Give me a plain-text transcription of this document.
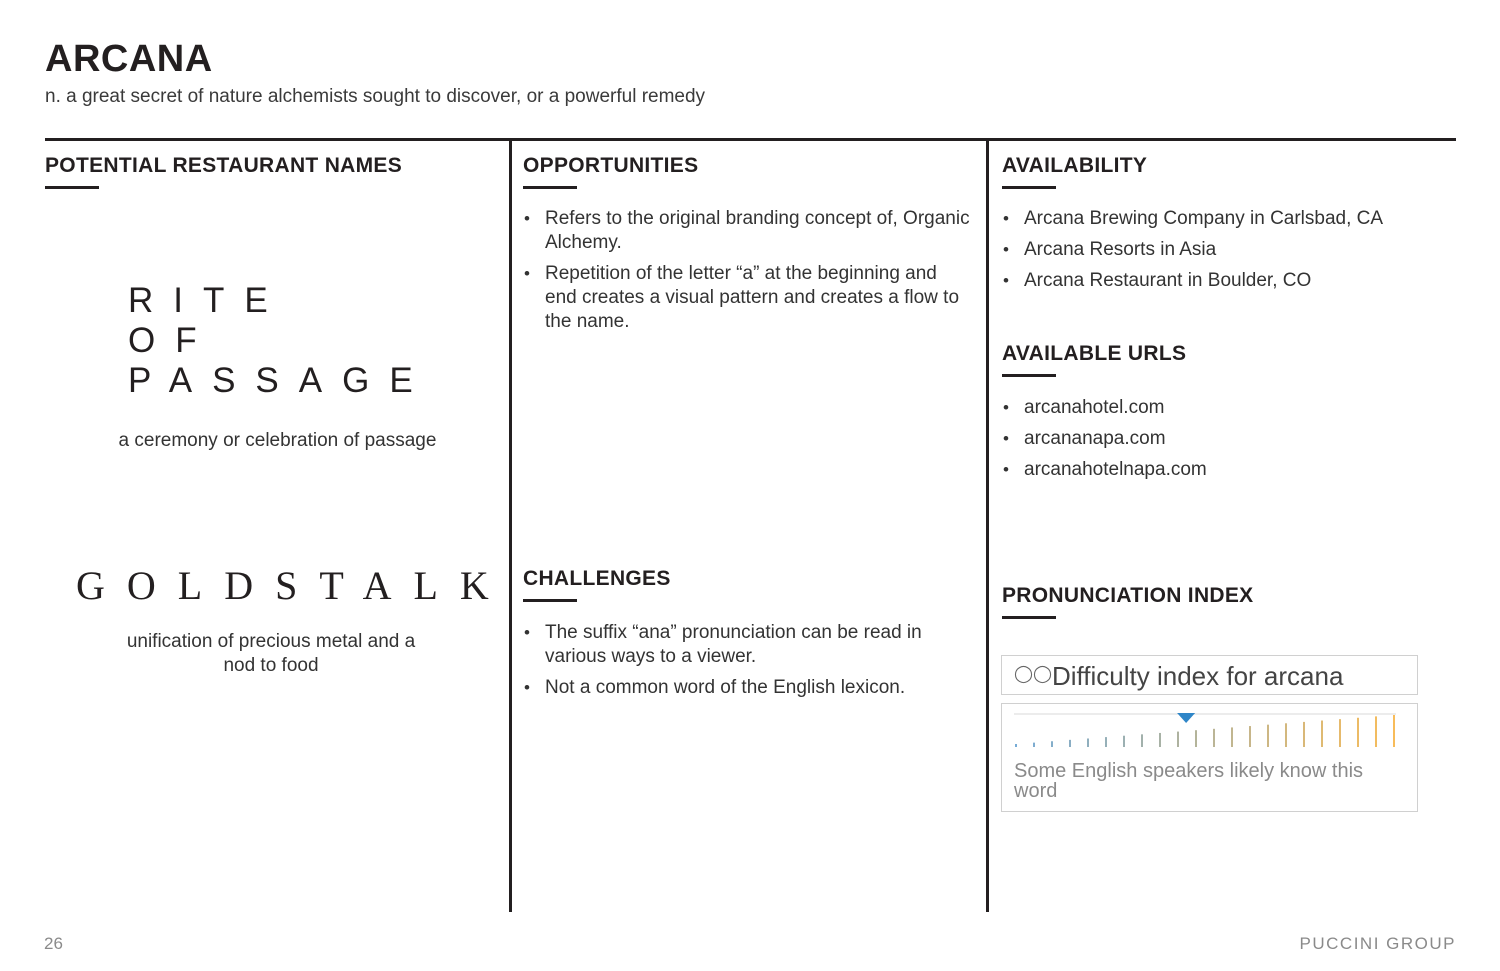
ARCANA
n. a great secret of nature alchemists sought to discover, or a powerful remedy
POTENTIAL RESTAURANT NAMES
RITE
OF
PASSAGE
a ceremony or celebration of passage
GOLDSTALK
unification of precious metal and a
nod to food
OPPORTUNITIES
• Refers to the original branding concept of, Organic Alchemy.
• Repetition of the letter “a” at the beginning and end creates a visual pattern and creates a flow to the name.
CHALLENGES
• The suffix “ana” pronunciation can be read in various ways to a viewer.
• Not a common word of the English lexicon.
AVAILABILITY
• Arcana Brewing Company in Carlsbad, CA
• Arcana Resorts in Asia
• Arcana Restaurant in Boulder, CO
AVAILABLE URLS
• arcanahotel.com
• arcananapa.com
• arcanahotelnapa.com
PRONUNCIATION INDEX
◯◯ Difficulty index for arcana
Some English speakers likely know this word
26	PUCCINI GROUP
